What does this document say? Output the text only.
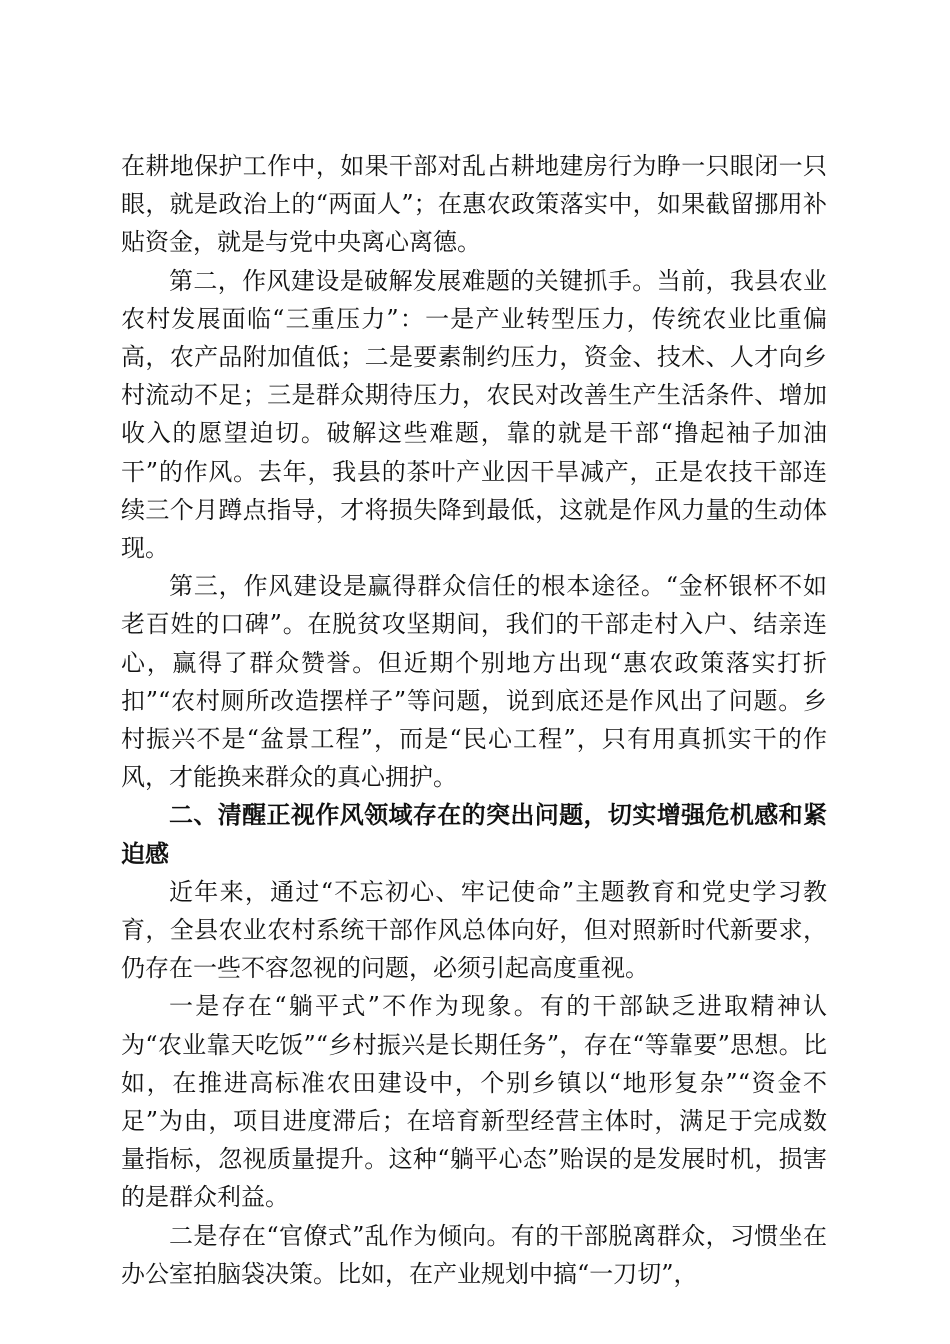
在耕地保护工作中，如果干部对乱占耕地建房行为睁一只眼闭一只眼，就是政治上的“两面人”；在惠农政策落实中，如果截留挪用补贴资金，就是与党中央离心离德。

第二，作风建设是破解发展难题的关键抓手。当前，我县农业农村发展面临“三重压力”：一是产业转型压力，传统农业比重偏高，农产品附加值低；二是要素制约压力，资金、技术、人才向乡村流动不足；三是群众期待压力，农民对改善生产生活条件、增加收入的愿望迫切。破解这些难题，靠的就是干部“撸起袖子加油干”的作风。去年，我县的茶叶产业因干旱减产，正是农技干部连续三个月蹲点指导，才将损失降到最低，这就是作风力量的生动体现。

第三，作风建设是赢得群众信任的根本途径。“金杯银杯不如老百姓的口碑”。在脱贫攻坚期间，我们的干部走村入户、结亲连心，赢得了群众赞誉。但近期个别地方出现“惠农政策落实打折扣”“农村厕所改造摆样子”等问题，说到底还是作风出了问题。乡村振兴不是“盆景工程”，而是“民心工程”，只有用真抓实干的作风，才能换来群众的真心拥护。

二、清醒正视作风领域存在的突出问题，切实增强危机感和紧迫感

近年来，通过“不忘初心、牢记使命”主题教育和党史学习教育，全县农业农村系统干部作风总体向好，但对照新时代新要求，仍存在一些不容忽视的问题，必须引起高度重视。

一是存在“躺平式”不作为现象。有的干部缺乏进取精神认为“农业靠天吃饭”“乡村振兴是长期任务”，存在“等靠要”思想。比如，在推进高标准农田建设中，个别乡镇以“地形复杂”“资金不足”为由，项目进度滞后；在培育新型经营主体时，满足于完成数量指标，忽视质量提升。这种“躺平心态”贻误的是发展时机，损害的是群众利益。

二是存在“官僚式”乱作为倾向。有的干部脱离群众，习惯坐在办公室拍脑袋决策。比如，在产业规划中搞“一刀切”，
